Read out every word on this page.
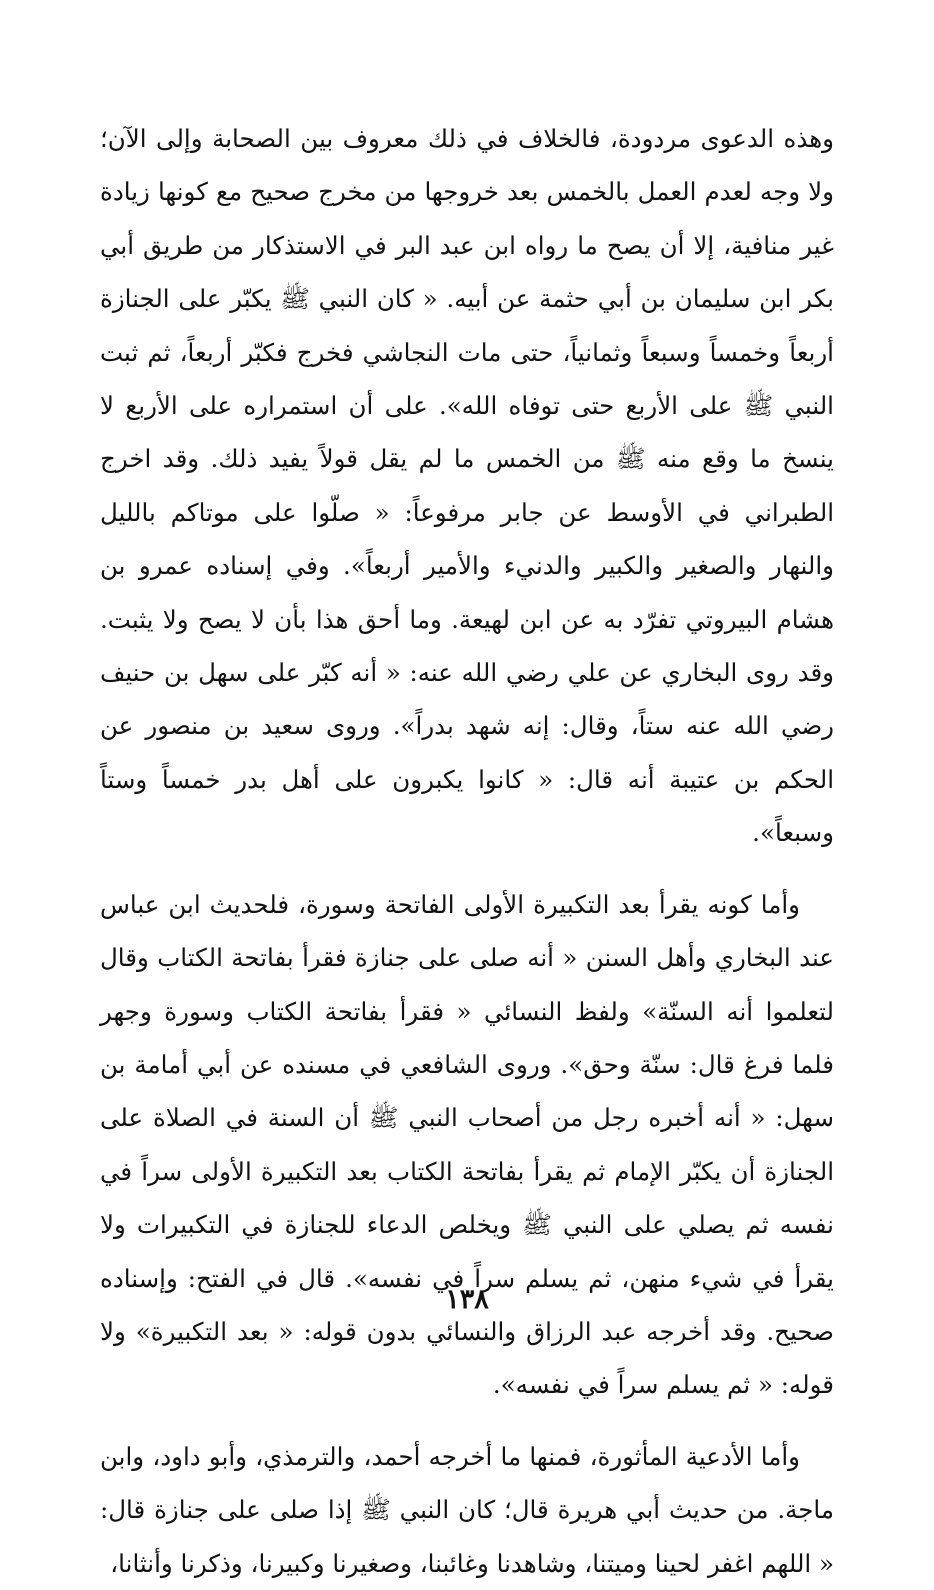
وهذه الدعوى مردودة، فالخلاف في ذلك معروف بين الصحابة وإلى الآن؛ ولا وجه لعدم العمل بالخمس بعد خروجها من مخرج صحيح مع كونها زيادة غير منافية، إلا أن يصح ما رواه ابن عبد البر في الاستذكار من طريق أبي بكر ابن سليمان بن أبي حثمة عن أبيه. « كان النبي ﷺ يكبّر على الجنازة أربعاً وخمساً وسبعاً وثمانياً، حتى مات النجاشي فخرج فكبّر أربعاً، ثم ثبت النبي ﷺ على الأربع حتى توفاه الله». على أن استمراره على الأربع لا ينسخ ما وقع منه ﷺ من الخمس ما لم يقل قولاً يفيد ذلك. وقد اخرج الطبراني في الأوسط عن جابر مرفوعاً: « صلّوا على موتاكم بالليل والنهار والصغير والكبير والدنيء والأمير أربعاً». وفي إسناده عمرو بن هشام البيروتي تفرّد به عن ابن لهيعة. وما أحق هذا بأن لا يصح ولا يثبت. وقد روى البخاري عن علي رضي الله عنه: « أنه كبّر على سهل بن حنيف رضي الله عنه ستاً، وقال: إنه شهد بدراً». وروى سعيد بن منصور عن الحكم بن عتيبة أنه قال: « كانوا يكبرون على أهل بدر خمساً وستاً وسبعاً».

وأما كونه يقرأ بعد التكبيرة الأولى الفاتحة وسورة، فلحديث ابن عباس عند البخاري وأهل السنن « أنه صلى على جنازة فقرأ بفاتحة الكتاب وقال لتعلموا أنه السنّة» ولفظ النسائي « فقرأ بفاتحة الكتاب وسورة وجهر فلما فرغ قال: سنّة وحق». وروى الشافعي في مسنده عن أبي أمامة بن سهل: « أنه أخبره رجل من أصحاب النبي ﷺ أن السنة في الصلاة على الجنازة أن يكبّر الإمام ثم يقرأ بفاتحة الكتاب بعد التكبيرة الأولى سراً في نفسه ثم يصلي على النبي ﷺ ويخلص الدعاء للجنازة في التكبيرات ولا يقرأ في شيء منهن، ثم يسلم سراً في نفسه». قال في الفتح: وإسناده صحيح. وقد أخرجه عبد الرزاق والنسائي بدون قوله: « بعد التكبيرة» ولا قوله: « ثم يسلم سراً في نفسه».

وأما الأدعية المأثورة، فمنها ما أخرجه أحمد، والترمذي، وأبو داود، وابن ماجة. من حديث أبي هريرة قال؛ كان النبي ﷺ إذا صلى على جنازة قال: « اللهم اغفر لحينا وميتنا، وشاهدنا وغائبنا، وصغيرنا وكبيرنا، وذكرنا وأنثانا،

١٣٨
